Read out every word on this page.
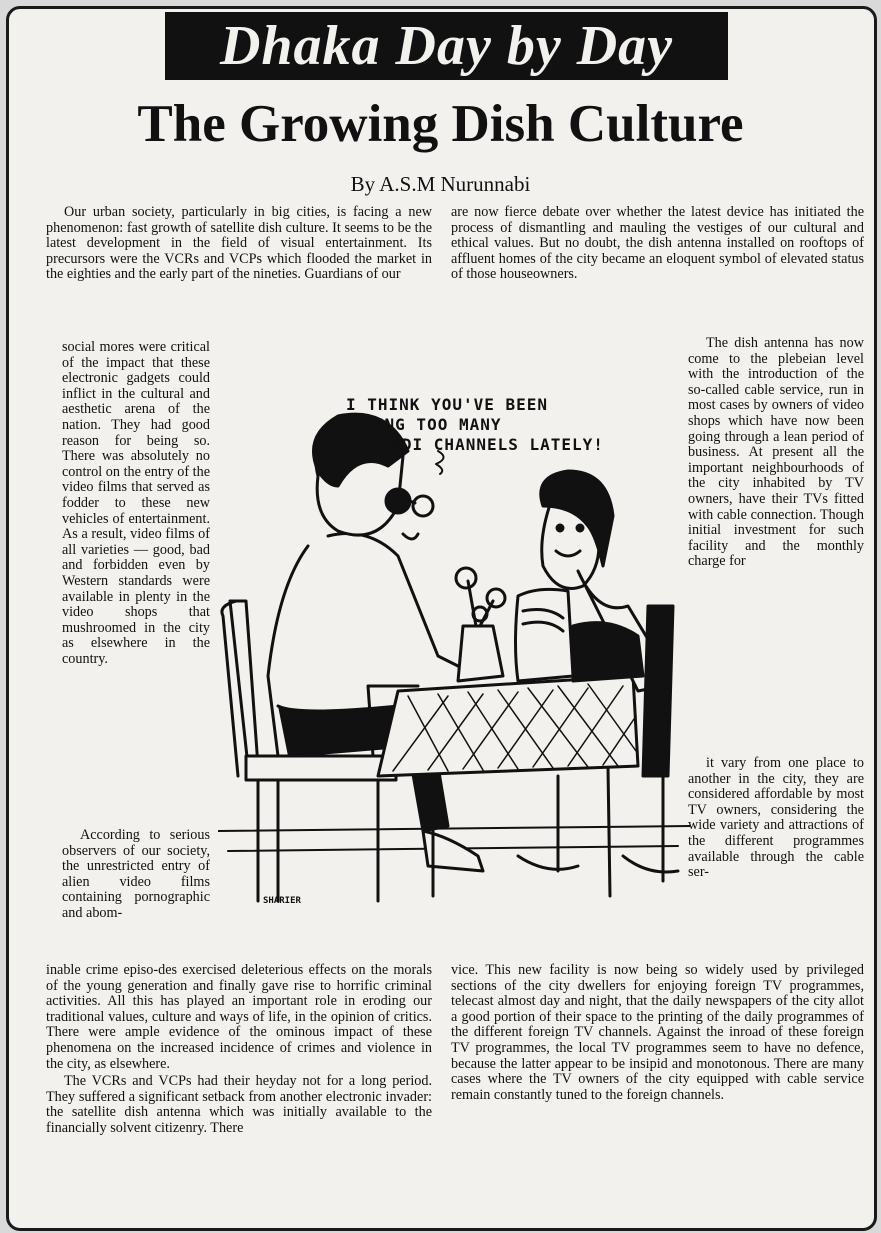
Dhaka Day by Day
The Growing Dish Culture
By A.S.M Nurunnabi

Our urban society, particularly in big cities, is facing a new phenomenon: fast growth of satellite dish culture. It seems to be the latest development in the field of visual entertainment. Its precursors were the VCRs and VCPs which flooded the market in the eighties and the early part of the nineties. Guardians of our

are now fierce debate over whether the latest device has initiated the process of dismantling and mauling the vestiges of our cultural and ethical values. But no doubt, the dish antenna installed on rooftops of affluent homes of the city became an eloquent symbol of elevated status of those houseowners.

social mores were critical of the impact that these electronic gadgets could inflict in the cultural and aesthetic arena of the nation. They had good reason for being so. There was absolutely no control on the entry of the video films that served as fodder to these new vehicles of entertainment. As a result, video films of all varieties — good, bad and forbidden even by Western standards were available in plenty in the video shops that mushroomed in the city as elsewhere in the country.

According to serious observers of our society, the unrestricted entry of alien video films containing pornographic and abom-

The dish antenna has now come to the plebeian level with the introduction of the so-called cable service, run in most cases by owners of video shops which have now been going through a lean period of business. At present all the important neighbourhoods of the city inhabited by TV owners, have their TVs fitted with cable connection. Though initial investment for such facility and the monthly charge for

it vary from one place to another in the city, they are considered affordable by most TV owners, considering the wide variety and attractions of the different programmes available through the cable ser-

inable crime episo-des exercised deleterious effects on the morals of the young generation and finally gave rise to horrific criminal activities. All this has played an important role in eroding our traditional values, culture and ways of life, in the opinion of critics. There were ample evidence of the ominous impact of these phenomena on the increased incidence of crimes and violence in the city, as elsewhere.

The VCRs and VCPs had their heyday not for a long period. They suffered a significant setback from another electronic invader: the satellite dish antenna which was initially available to the financially solvent citizenry. There

vice. This new facility is now being so widely used by privileged sections of the city dwellers for enjoying foreign TV programmes, telecast almost day and night, that the daily newspapers of the city allot a good portion of their space to the printing of the daily programmes of the different foreign TV channels. Against the inroad of these foreign TV programmes, the local TV programmes seem to have no defence, because the latter appear to be insipid and monotonous. There are many cases where the TV owners of the city equipped with cable service remain constantly tuned to the foreign channels.

I THINK YOU'VE BEEN
SEEING TOO MANY
HINDI CHANNELS LATELY!
SHARIER
